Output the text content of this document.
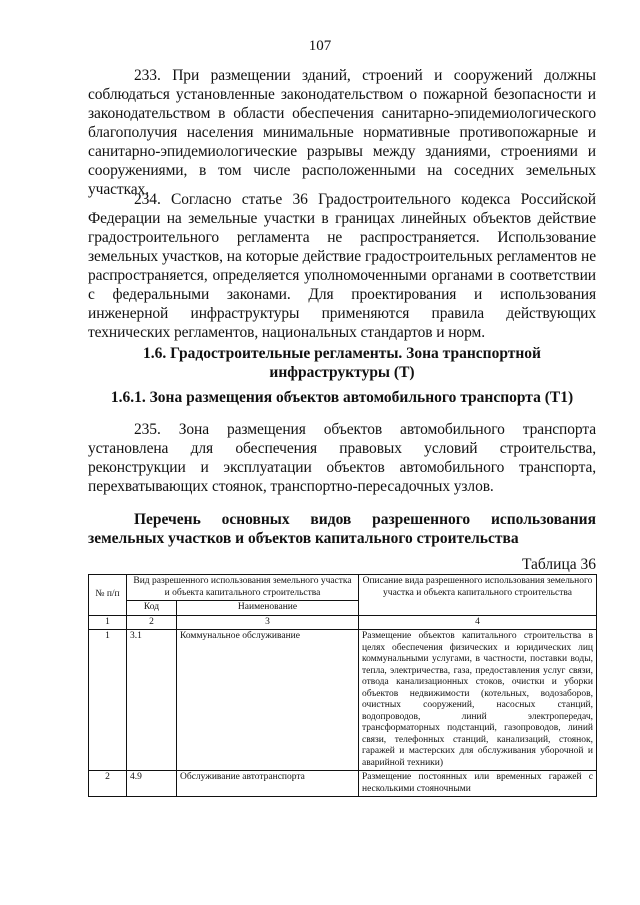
107

233. При размещении зданий, строений и сооружений должны соблюдаться установленные законодательством о пожарной безопасности и законодательством в области обеспечения санитарно-эпидемиологического благополучия населения минимальные нормативные противопожарные и санитарно-эпидемиологические разрывы между зданиями, строениями и сооружениями, в том числе расположенными на соседних земельных участках.

234. Согласно статье 36 Градостроительного кодекса Российской Федерации на земельные участки в границах линейных объектов действие градостроительного регламента не распространяется. Использование земельных участков, на которые действие градостроительных регламентов не распространяется, определяется уполномоченными органами в соответствии с федеральными законами. Для проектирования и использования инженерной инфраструктуры применяются правила действующих технических регламентов, национальных стандартов и норм.

1.6. Градостроительные регламенты. Зона транспортной инфраструктуры (Т)

1.6.1. Зона размещения объектов автомобильного транспорта (Т1)

235. Зона размещения объектов автомобильного транспорта установлена для обеспечения правовых условий строительства, реконструкции и эксплуатации объектов автомобильного транспорта, перехватывающих стоянок, транспортно-пересадочных узлов.

Перечень основных видов разрешенного использования земельных участков и объектов капитального строительства

Таблица 36
№ п/п	Вид разрешенного использования земельного участка и объекта капитального строительства		Описание вида разрешенного использования земельного участка и объекта капитального строительства
	Код	Наименование	
1	2	3	4
1	3.1	Коммунальное обслуживание	Размещение объектов капитального строительства в целях обеспечения физических и юридических лиц коммунальными услугами, в частности, поставки воды, тепла, электричества, газа, предоставления услуг связи, отвода канализационных стоков, очистки и уборки объектов недвижимости (котельных, водозаборов, очистных сооружений, насосных станций, водопроводов, линий электропередач, трансформаторных подстанций, газопроводов, линий связи, телефонных станций, канализаций, стоянок, гаражей и мастерских для обслуживания уборочной и аварийной техники)
2	4.9	Обслуживание автотранспорта	Размещение постоянных или временных гаражей с несколькими стояночными
